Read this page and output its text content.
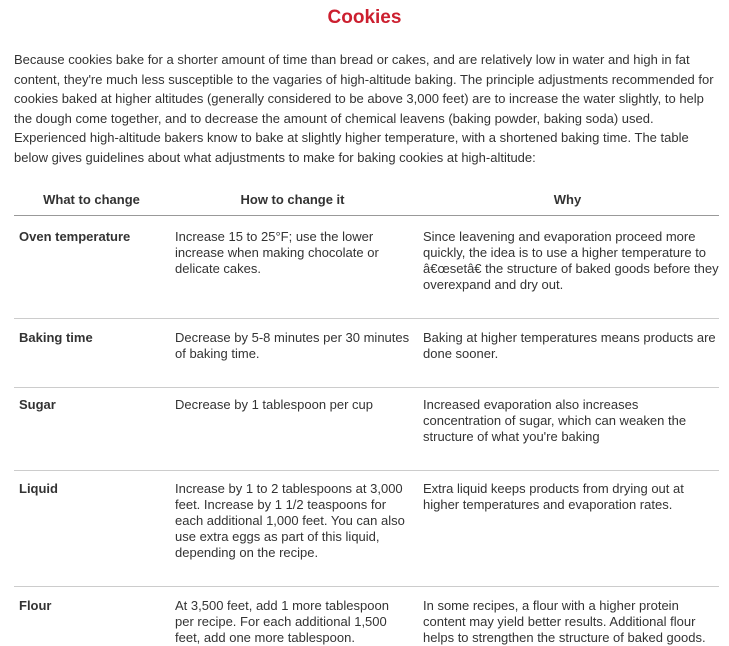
Cookies

Because cookies bake for a shorter amount of time than bread or cakes, and are relatively low in water and high in fat content, they're much less susceptible to the vagaries of high-altitude baking. The principle adjustments recommended for cookies baked at higher altitudes (generally considered to be above 3,000 feet) are to increase the water slightly, to help the dough come together, and to decrease the amount of chemical leavens (baking powder, baking soda) used. Experienced high-altitude bakers know to bake at slightly higher temperature, with a shortened baking time. The table below gives guidelines about what adjustments to make for baking cookies at high-altitude:

What to change	How to change it	Why
Oven temperature	Increase 15 to 25°F; use the lower increase when making chocolate or delicate cakes.	Since leavening and evaporation proceed more quickly, the idea is to use a higher temperature to â€œsetâ€ the structure of baked goods before they overexpand and dry out.
Baking time	Decrease by 5-8 minutes per 30 minutes of baking time.	Baking at higher temperatures means products are done sooner.
Sugar	Decrease by 1 tablespoon per cup	Increased evaporation also increases concentration of sugar, which can weaken the structure of what you're baking
Liquid	Increase by 1 to 2 tablespoons at 3,000 feet. Increase by 1 1/2 teaspoons for each additional 1,000 feet. You can also use extra eggs as part of this liquid, depending on the recipe.	Extra liquid keeps products from drying out at higher temperatures and evaporation rates.
Flour	At 3,500 feet, add 1 more tablespoon per recipe. For each additional 1,500 feet, add one more tablespoon.	In some recipes, a flour with a higher protein content may yield better results. Additional flour helps to strengthen the structure of baked goods.
